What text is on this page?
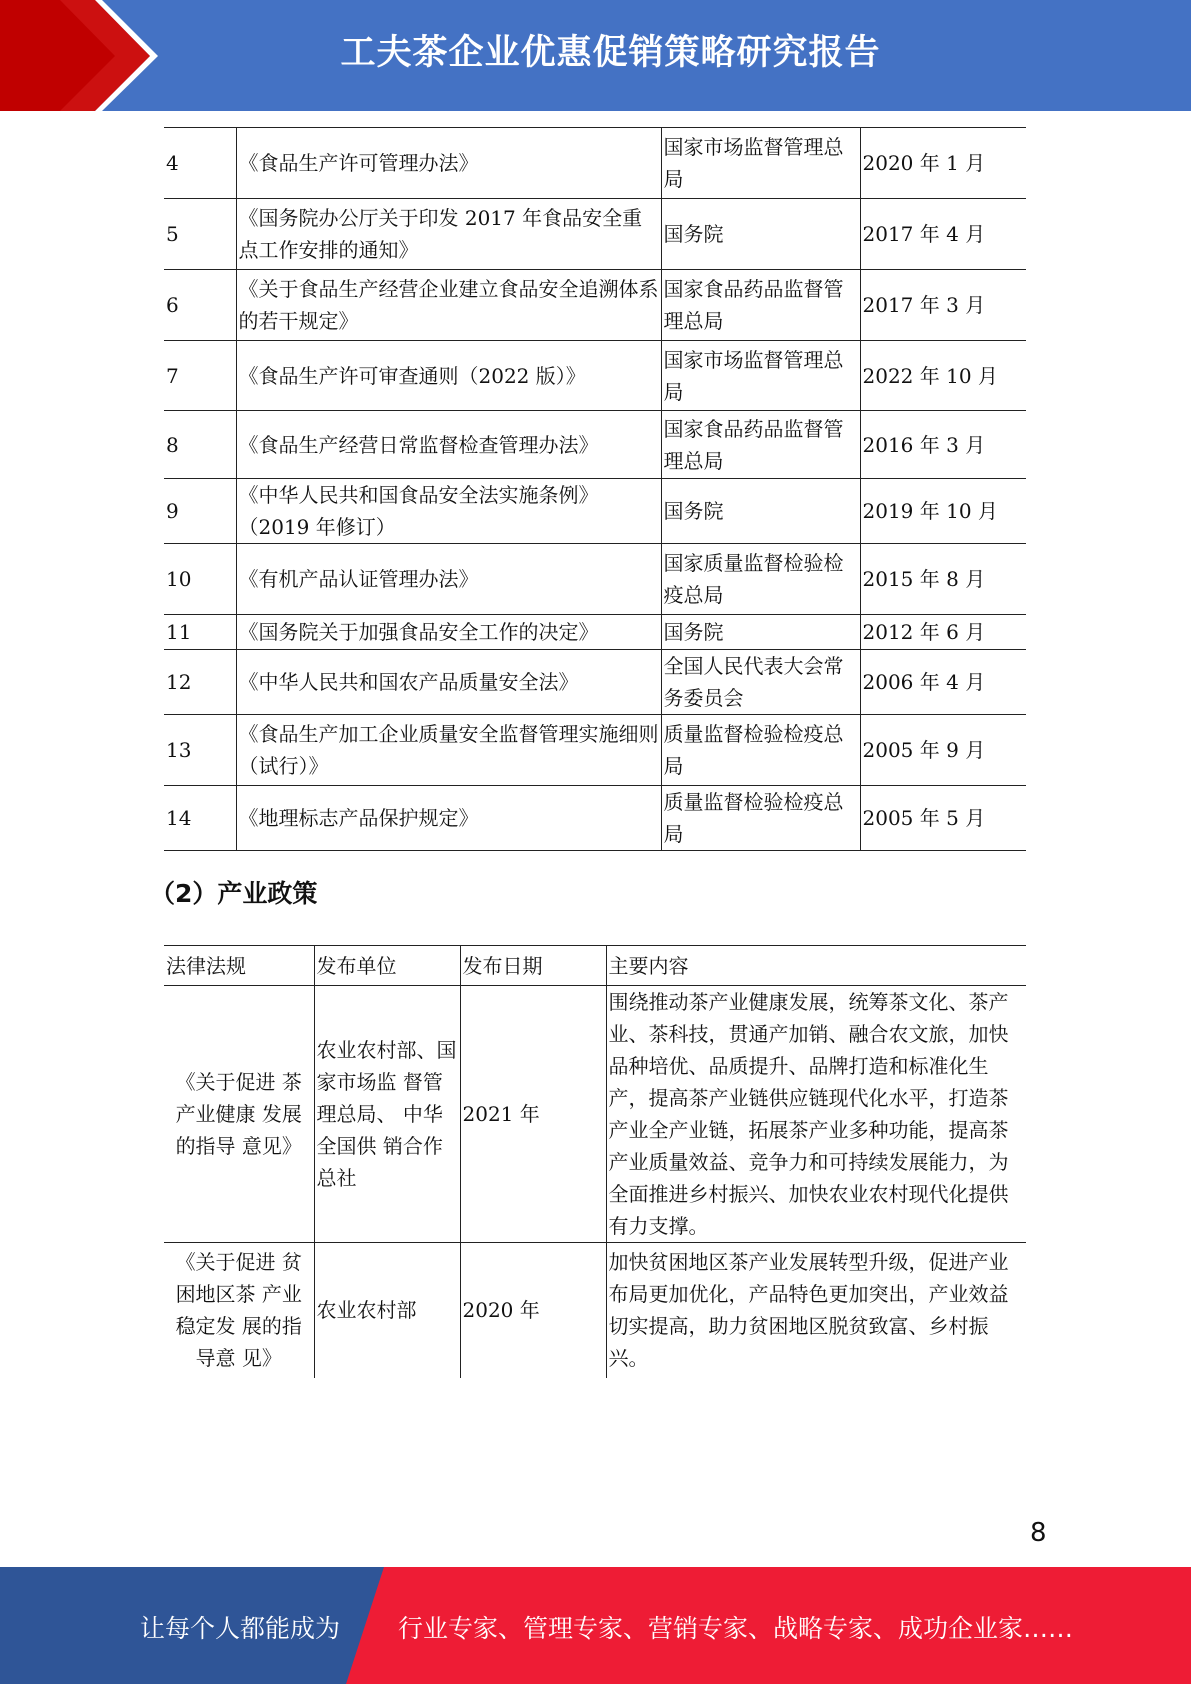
工夫茶企业优惠促销策略研究报告
4	《食品生产许可管理办法》	国家市场监督管理总局	2020 年 1 月
5	《国务院办公厅关于印发 2017 年食品安全重点工作安排的通知》	国务院	2017 年 4 月
6	《关于食品生产经营企业建立食品安全追溯体系的若干规定》	国家食品药品监督管理总局	2017 年 3 月
7	《食品生产许可审查通则（2022 版）》	国家市场监督管理总局	2022 年 10 月
8	《食品生产经营日常监督检查管理办法》	国家食品药品监督管理总局	2016 年 3 月
9	《中华人民共和国食品安全法实施条例》（2019 年修订）	国务院	2019 年 10 月
10	《有机产品认证管理办法》	国家质量监督检验检疫总局	2015 年 8 月
11	《国务院关于加强食品安全工作的决定》	国务院	2012 年 6 月
12	《中华人民共和国农产品质量安全法》	全国人民代表大会常务委员会	2006 年 4 月
13	《食品生产加工企业质量安全监督管理实施细则（试行）》	质量监督检验检疫总局	2005 年 9 月
14	《地理标志产品保护规定》	质量监督检验检疫总局	2005 年 5 月
（2）产业政策
法律法规	发布单位	发布日期	主要内容
《关于促进 茶产业健康 发展的指导 意见》	农业农村部、国家市场监 督管理总局、 中华全国供 销合作总社	2021 年	围绕推动茶产业健康发展，统筹茶文化、茶产业、茶科技，贯通产加销、融合农文旅，加快品种培优、品质提升、品牌打造和标准化生产，提高茶产业链供应链现代化水平，打造茶产业全产业链，拓展茶产业多种功能，提高茶产业质量效益、竞争力和可持续发展能力，为全面推进乡村振兴、加快农业农村现代化提供有力支撑。
《关于促进 贫困地区茶 产业稳定发 展的指导意 见》	农业农村部	2020 年	加快贫困地区茶产业发展转型升级，促进产业布局更加优化，产品特色更加突出，产业效益切实提高，助力贫困地区脱贫致富、乡村振兴。
8
让每个人都能成为 行业专家、管理专家、营销专家、战略专家、成功企业家……
